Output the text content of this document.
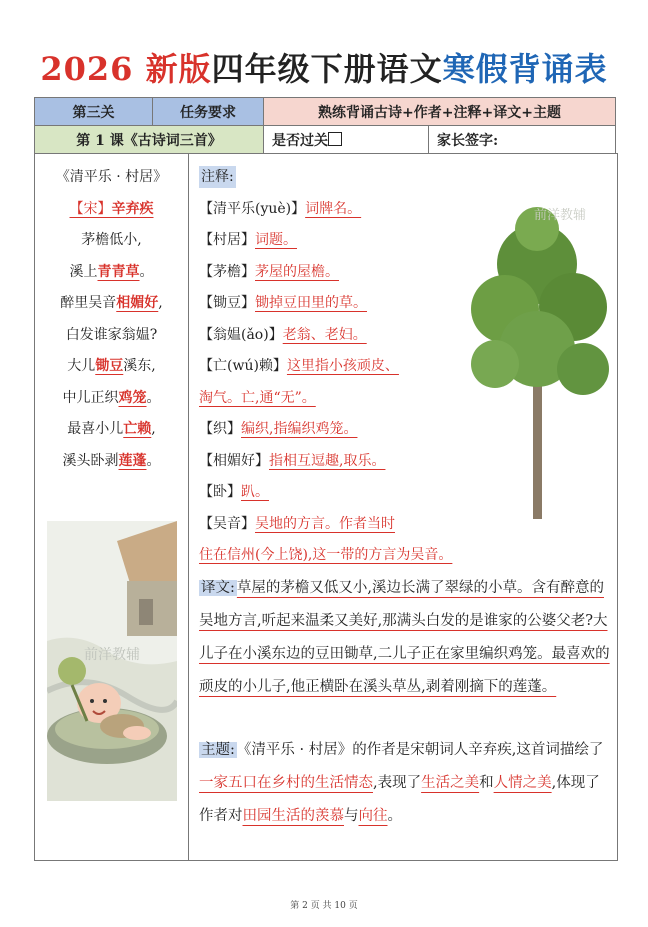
2026 新版四年级下册语文寒假背诵表
第三关	任务要求	熟练背诵古诗+作者+注释+译文+主题	
第 1 课《古诗词三首》		是否过关	家长签字:
《清平乐 · 村居》
【宋】辛弃疾
茅檐低小,
溪上青青草。
醉里吴音相媚好,
白发谁家翁媪?
大儿锄豆溪东,
中儿正织鸡笼。
最喜小儿亡赖,
溪头卧剥莲蓬。
前洋教辅
注释:
【清平乐(yuè)】词牌名。
【村居】词题。
【茅檐】茅屋的屋檐。
【锄豆】锄掉豆田里的草。
【翁媪(ǎo)】老翁、老妇。
【亡(wú)赖】这里指小孩顽皮、
淘气。亡,通“无”。
【织】编织,指编织鸡笼。
【相媚好】指相互逗趣,取乐。
【卧】趴。
【吴音】吴地的方言。作者当时
住在信州(今上饶),这一带的方言为吴音。
前洋教辅
译文: 草屋的茅檐又低又小,溪边长满了翠绿的小草。含有醉意的吴地方言,听起来温柔又美好,那满头白发的是谁家的公婆父老?大儿子在小溪东边的豆田锄草,二儿子正在家里编织鸡笼。最喜欢的顽皮的小儿子,他正横卧在溪头草丛,剥着刚摘下的莲蓬。
主题: 《清平乐 · 村居》的作者是宋朝词人辛弃疾,这首词描绘了一家五口在乡村的生活情态,表现了生活之美和人情之美,体现了作者对田园生活的羡慕与向往。
第 2 页 共 10 页
